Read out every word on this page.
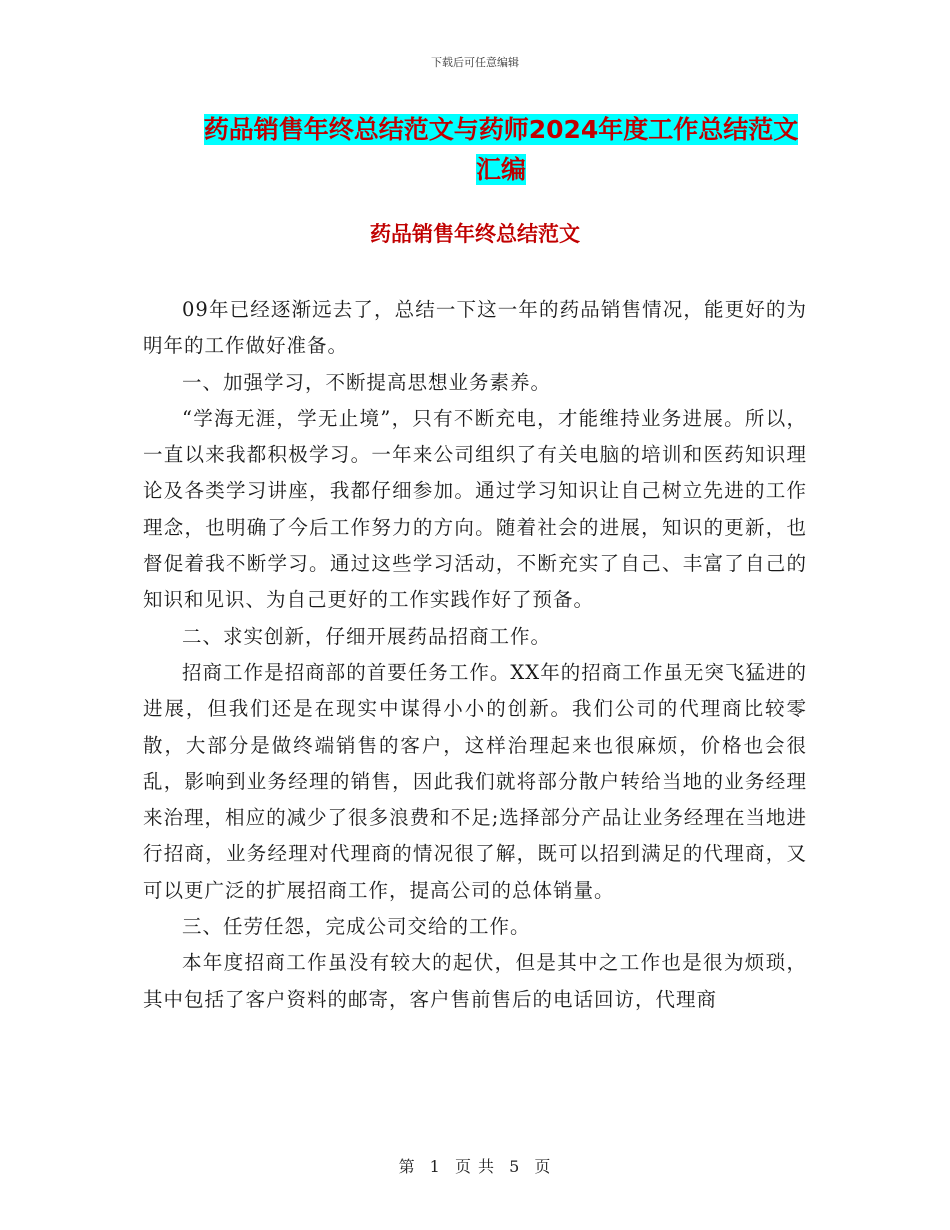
下载后可任意编辑
药品销售年终总结范文与药师2024年度工作总结范文
汇编
药品销售年终总结范文

09年已经逐渐远去了，总结一下这一年的药品销售情况，能更好的为明年的工作做好准备。

一、加强学习，不断提高思想业务素养。

“学海无涯，学无止境”，只有不断充电，才能维持业务进展。所以，一直以来我都积极学习。一年来公司组织了有关电脑的培训和医药知识理论及各类学习讲座，我都仔细参加。通过学习知识让自己树立先进的工作理念，也明确了今后工作努力的方向。随着社会的进展，知识的更新，也督促着我不断学习。通过这些学习活动，不断充实了自己、丰富了自己的知识和见识、为自己更好的工作实践作好了预备。

二、求实创新，仔细开展药品招商工作。

招商工作是招商部的首要任务工作。XX年的招商工作虽无突飞猛进的进展，但我们还是在现实中谋得小小的创新。我们公司的代理商比较零散，大部分是做终端销售的客户，这样治理起来也很麻烦，价格也会很乱，影响到业务经理的销售，因此我们就将部分散户转给当地的业务经理来治理，相应的减少了很多浪费和不足;选择部分产品让业务经理在当地进行招商，业务经理对代理商的情况很了解，既可以招到满足的代理商，又可以更广泛的扩展招商工作，提高公司的总体销量。

三、任劳任怨，完成公司交给的工作。

本年度招商工作虽没有较大的起伏，但是其中之工作也是很为烦琐，其中包括了客户资料的邮寄，客户售前售后的电话回访，代理商

第 1 页 共 5 页
